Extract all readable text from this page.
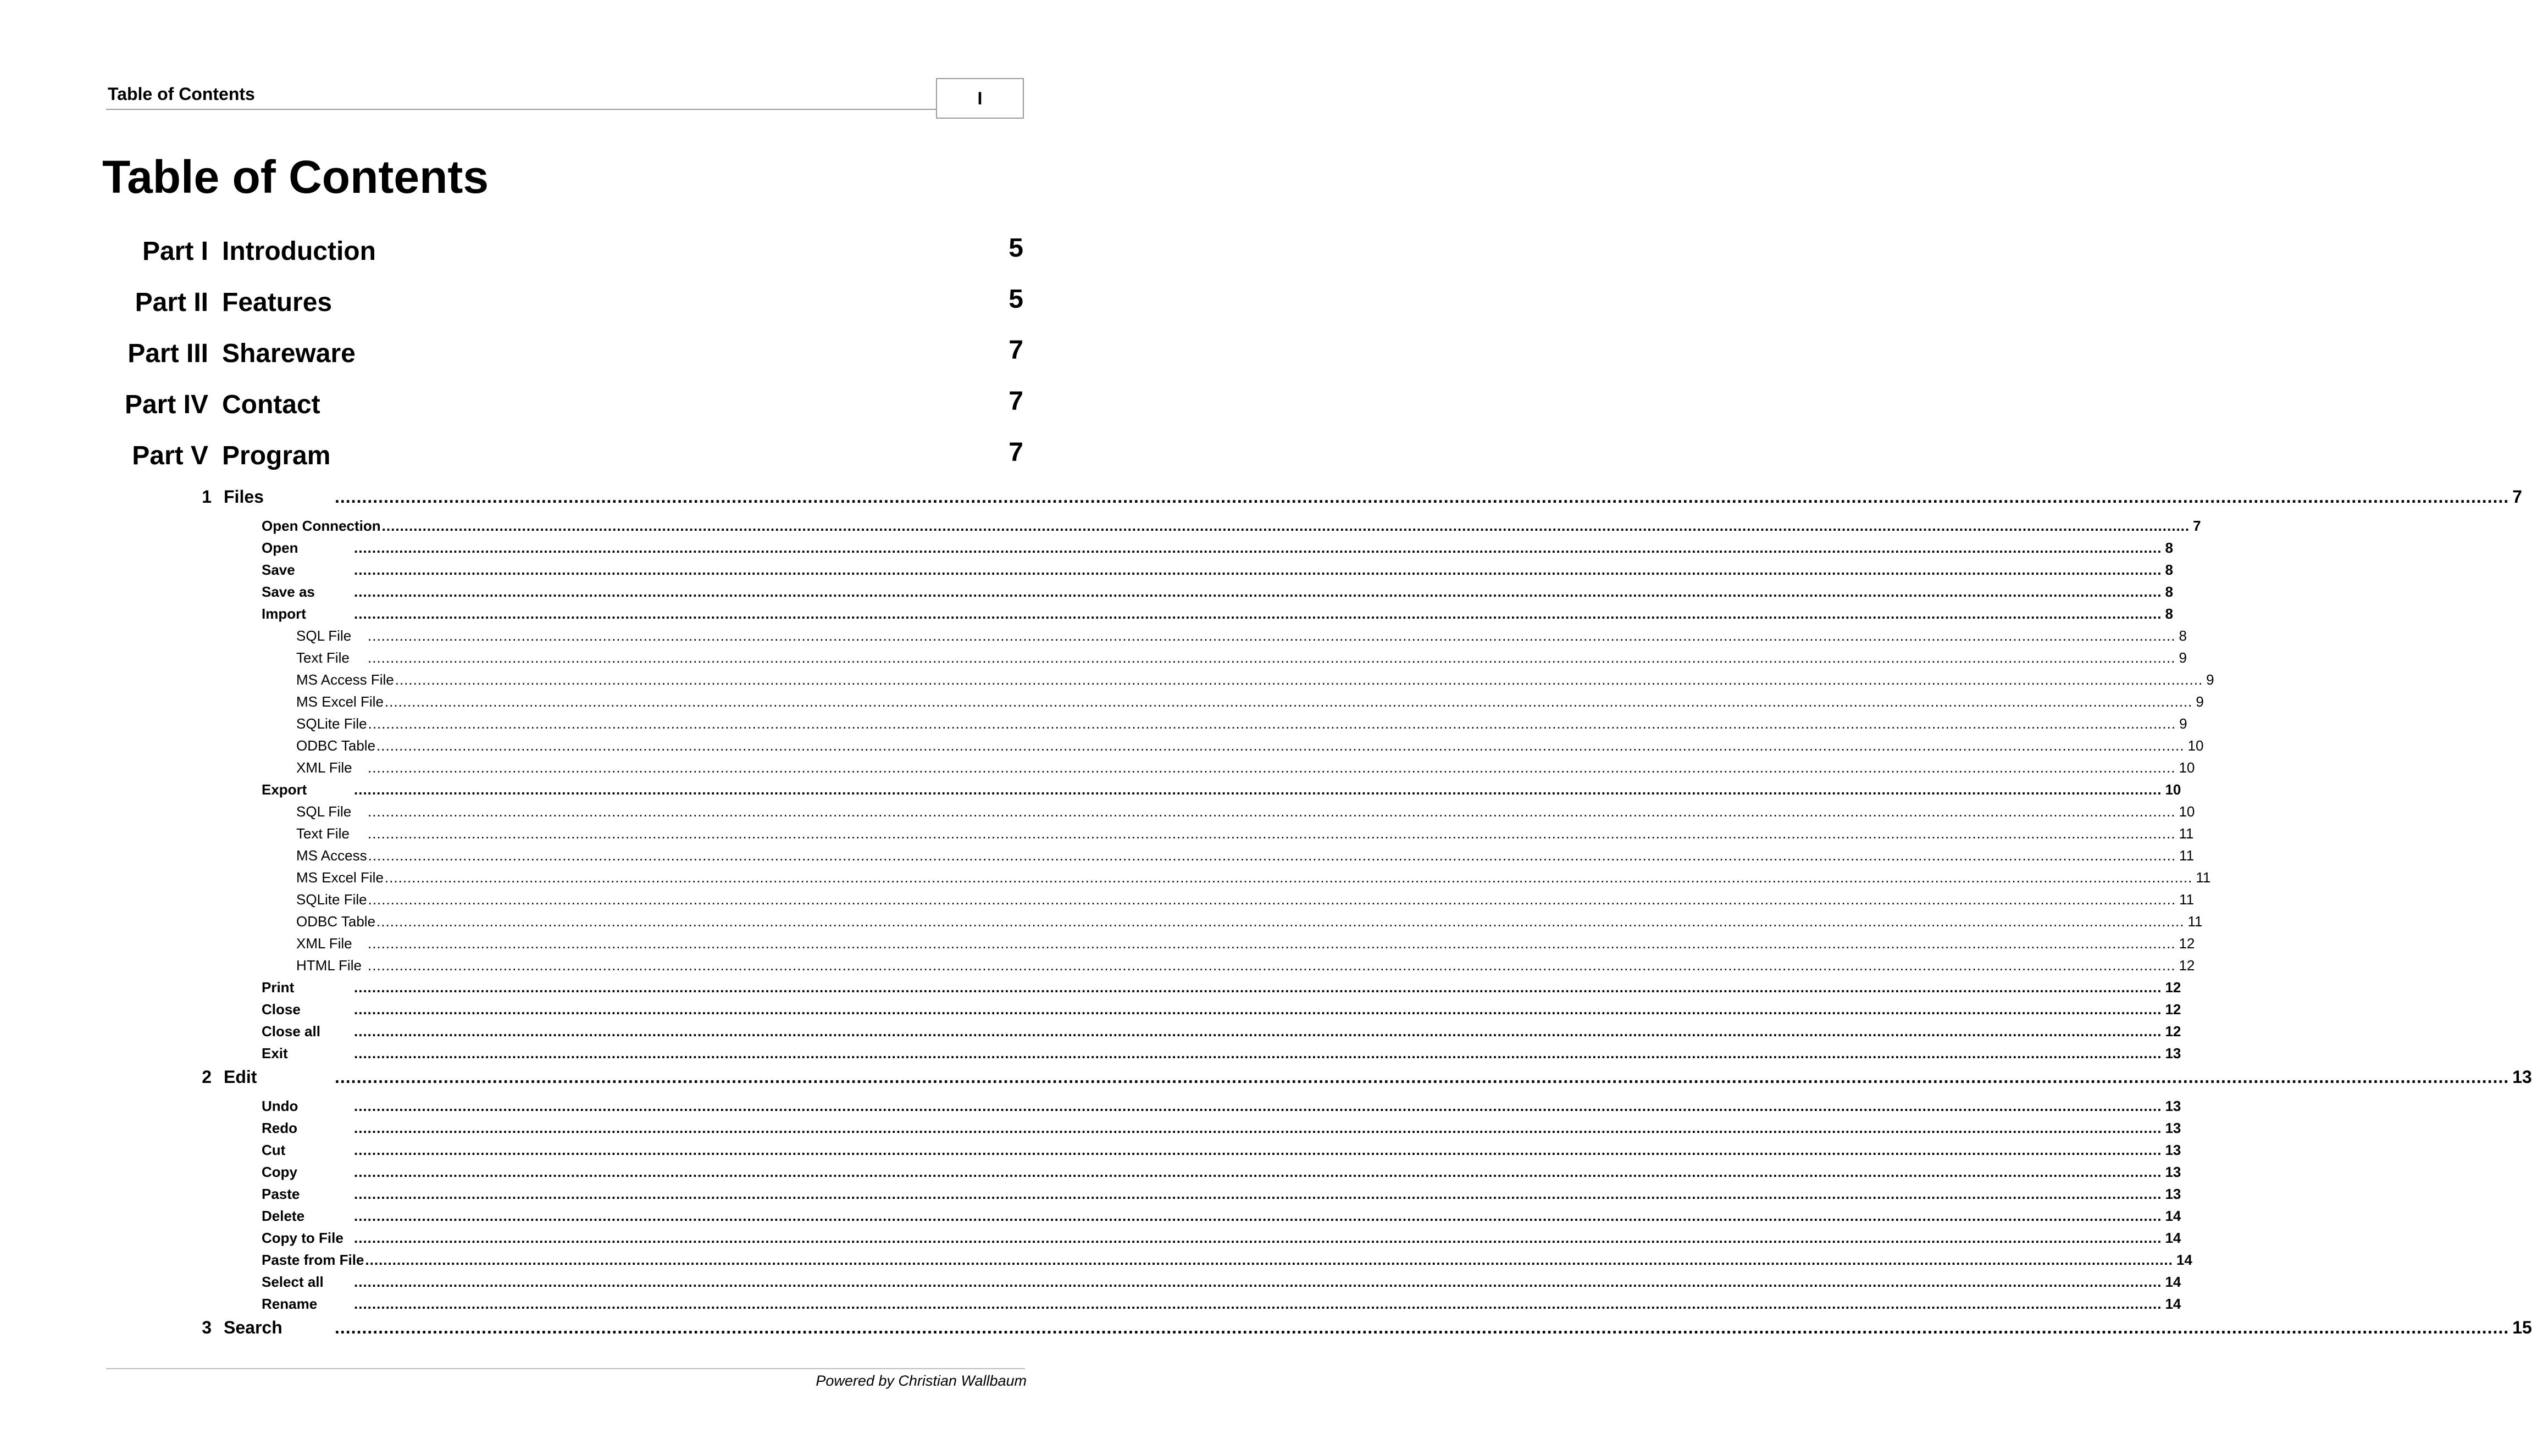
Table of Contents	I
Table of Contents
Part I Introduction	5
Part II Features	5
Part III Shareware	7
Part IV Contact	7
Part V Program	7
1 Files	................................................................................................................................................................................................................................................................................................................................................................................................................ 7
Open Connection ................................................................................................................................................................................................................................................................................................................................................................................................................ 7
Open	................................................................................................................................................................................................................................................................................................................................................................................................................ 8
Save	................................................................................................................................................................................................................................................................................................................................................................................................................ 8
Save as	................................................................................................................................................................................................................................................................................................................................................................................................................ 8
Import	................................................................................................................................................................................................................................................................................................................................................................................................................ 8
SQL File	................................................................................................................................................................................................................................................................................................................................................................................................................ 8
Text File	................................................................................................................................................................................................................................................................................................................................................................................................................ 9
MS Access File ................................................................................................................................................................................................................................................................................................................................................................................................................ 9
MS Excel File ................................................................................................................................................................................................................................................................................................................................................................................................................ 9
SQLite File ................................................................................................................................................................................................................................................................................................................................................................................................................ 9
ODBC Table ................................................................................................................................................................................................................................................................................................................................................................................................................ 10
XML File	................................................................................................................................................................................................................................................................................................................................................................................................................ 10
Export	................................................................................................................................................................................................................................................................................................................................................................................................................ 10
SQL File	................................................................................................................................................................................................................................................................................................................................................................................................................ 10
Text File	................................................................................................................................................................................................................................................................................................................................................................................................................ 11
MS Access ................................................................................................................................................................................................................................................................................................................................................................................................................ 11
MS Excel File ................................................................................................................................................................................................................................................................................................................................................................................................................ 11
SQLite File ................................................................................................................................................................................................................................................................................................................................................................................................................ 11
ODBC Table ................................................................................................................................................................................................................................................................................................................................................................................................................ 11
XML File	................................................................................................................................................................................................................................................................................................................................................................................................................ 12
HTML File ................................................................................................................................................................................................................................................................................................................................................................................................................ 12
Print	................................................................................................................................................................................................................................................................................................................................................................................................................ 12
Close	................................................................................................................................................................................................................................................................................................................................................................................................................ 12
Close all	................................................................................................................................................................................................................................................................................................................................................................................................................ 12
Exit	................................................................................................................................................................................................................................................................................................................................................................................................................ 13
2 Edit	................................................................................................................................................................................................................................................................................................................................................................................................................ 13
Undo	................................................................................................................................................................................................................................................................................................................................................................................................................ 13
Redo	................................................................................................................................................................................................................................................................................................................................................................................................................ 13
Cut	................................................................................................................................................................................................................................................................................................................................................................................................................ 13
Copy	................................................................................................................................................................................................................................................................................................................................................................................................................ 13
Paste	................................................................................................................................................................................................................................................................................................................................................................................................................ 13
Delete	................................................................................................................................................................................................................................................................................................................................................................................................................ 14
Copy to File ................................................................................................................................................................................................................................................................................................................................................................................................................ 14
Paste from File ................................................................................................................................................................................................................................................................................................................................................................................................................ 14
Select all	................................................................................................................................................................................................................................................................................................................................................................................................................ 14
Rename	................................................................................................................................................................................................................................................................................................................................................................................................................ 14
3 Search	................................................................................................................................................................................................................................................................................................................................................................................................................ 15
Powered by Christian Wallbaum
